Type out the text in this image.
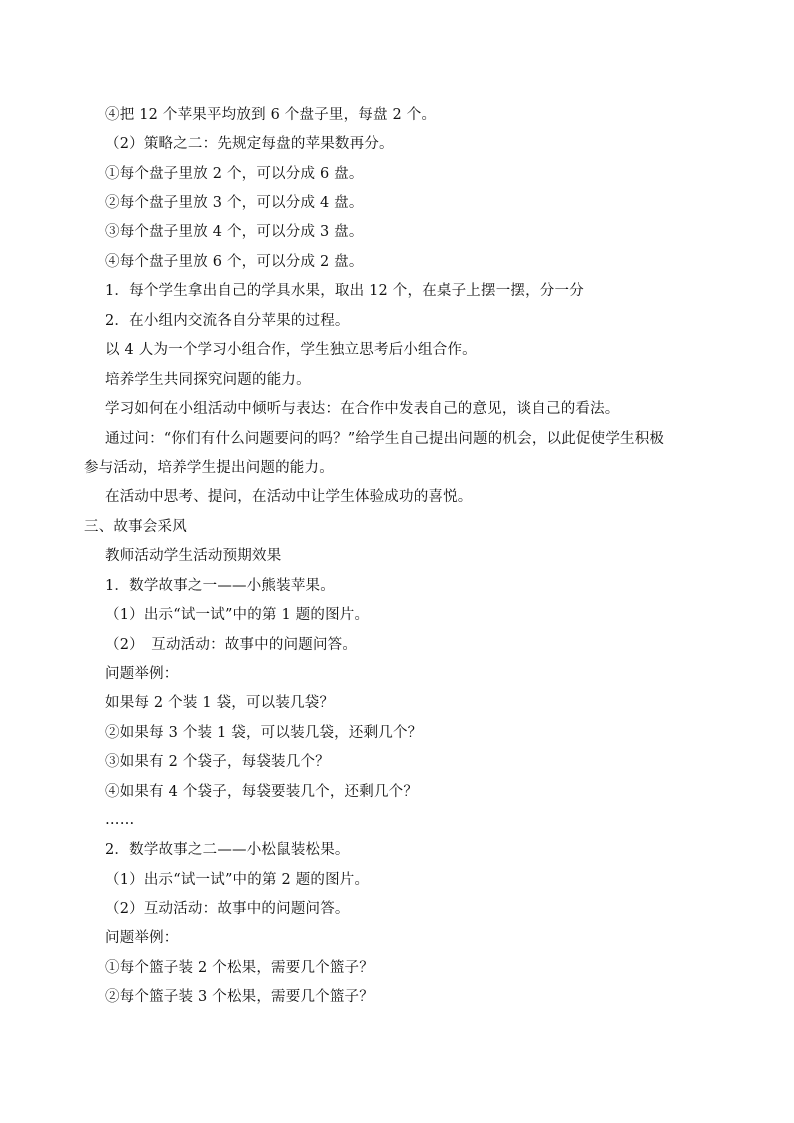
④把 12 个苹果平均放到 6 个盘子里，每盘 2 个。
（2）策略之二：先规定每盘的苹果数再分。
①每个盘子里放 2 个，可以分成 6 盘。
②每个盘子里放 3 个，可以分成 4 盘。
③每个盘子里放 4 个，可以分成 3 盘。
④每个盘子里放 6 个，可以分成 2 盘。
1．每个学生拿出自己的学具水果，取出 12 个，在桌子上摆一摆，分一分
2．在小组内交流各自分苹果的过程。
以 4 人为一个学习小组合作，学生独立思考后小组合作。
培养学生共同探究问题的能力。
学习如何在小组活动中倾听与表达：在合作中发表自己的意见，谈自己的看法。
通过问：“你们有什么问题要问的吗？”给学生自己提出问题的机会，以此促使学生积极
参与活动，培养学生提出问题的能力。
在活动中思考、提问，在活动中让学生体验成功的喜悦。
三、故事会采风
教师活动学生活动预期效果
1．数学故事之一——小熊装苹果。
（1）出示“试一试”中的第 1 题的图片。
（2）　互动活动：故事中的问题问答。
问题举例：
如果每 2 个装 1 袋，可以装几袋？
②如果每 3 个装 1 袋，可以装几袋，还剩几个？
③如果有 2 个袋子，每袋装几个？
④如果有 4 个袋子，每袋要装几个，还剩几个？
……
2．数学故事之二——小松鼠装松果。
（1）出示“试一试”中的第 2 题的图片。
（2）互动活动：故事中的问题问答。
问题举例：
①每个篮子装 2 个松果，需要几个篮子？
②每个篮子装 3 个松果，需要几个篮子？
